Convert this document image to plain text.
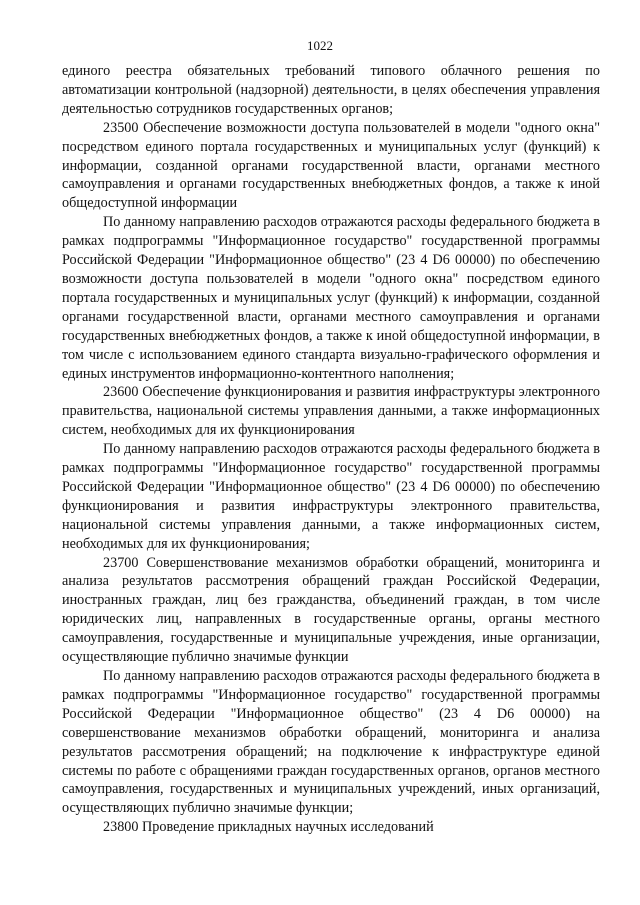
1022

единого реестра обязательных требований типового облачного решения по автоматизации контрольной (надзорной) деятельности, в целях обеспечения управления деятельностью сотрудников государственных органов;

23500 Обеспечение возможности доступа пользователей в модели "одного окна" посредством единого портала государственных и муниципальных услуг (функций) к информации, созданной органами государственной власти, органами местного самоуправления и органами государственных внебюджетных фондов, а также к иной общедоступной информации

По данному направлению расходов отражаются расходы федерального бюджета в рамках подпрограммы "Информационное государство" государственной программы Российской Федерации "Информационное общество" (23 4 D6 00000) по обеспечению возможности доступа пользователей в модели "одного окна" посредством единого портала государственных и муниципальных услуг (функций) к информации, созданной органами государственной власти, органами местного самоуправления и органами государственных внебюджетных фондов, а также к иной общедоступной информации, в том числе с использованием единого стандарта визуально-графического оформления и единых инструментов информационно-контентного наполнения;

23600 Обеспечение функционирования и развития инфраструктуры электронного правительства, национальной системы управления данными, а также информационных систем, необходимых для их функционирования

По данному направлению расходов отражаются расходы федерального бюджета в рамках подпрограммы "Информационное государство" государственной программы Российской Федерации "Информационное общество" (23 4 D6 00000) по обеспечению функционирования и развития инфраструктуры электронного правительства, национальной системы управления данными, а также информационных систем, необходимых для их функционирования;

23700 Совершенствование механизмов обработки обращений, мониторинга и анализа результатов рассмотрения обращений граждан Российской Федерации, иностранных граждан, лиц без гражданства, объединений граждан, в том числе юридических лиц, направленных в государственные органы, органы местного самоуправления, государственные и муниципальные учреждения, иные организации, осуществляющие публично значимые функции

По данному направлению расходов отражаются расходы федерального бюджета в рамках подпрограммы "Информационное государство" государственной программы Российской Федерации "Информационное общество" (23 4 D6 00000) на совершенствование механизмов обработки обращений, мониторинга и анализа результатов рассмотрения обращений; на подключение к инфраструктуре единой системы по работе с обращениями граждан государственных органов, органов местного самоуправления, государственных и муниципальных учреждений, иных организаций, осуществляющих публично значимые функции;

23800 Проведение прикладных научных исследований
